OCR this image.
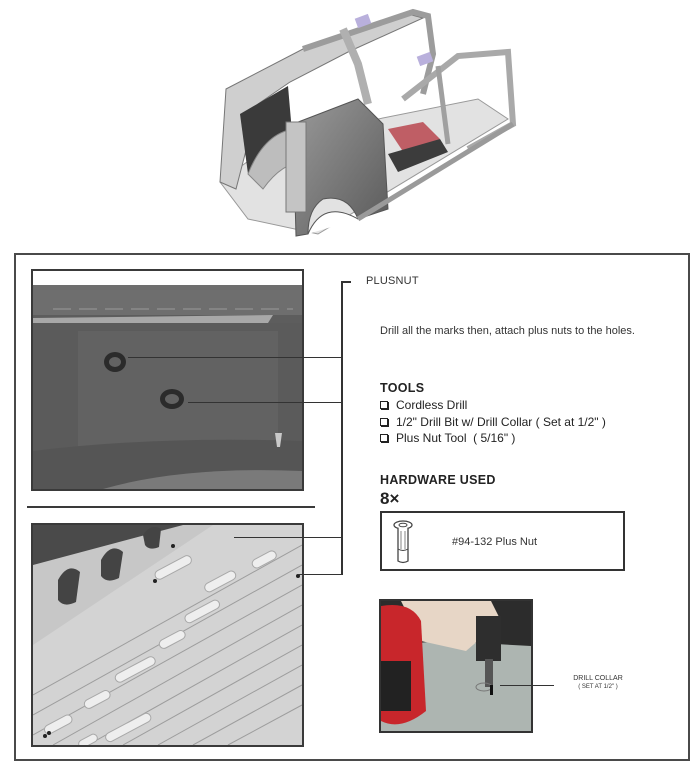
PLUSNUT
Drill all the marks then, attach plus nuts to the holes.
TOOLS
Cordless Drill
1/2" Drill Bit w/ Drill Collar ( Set at 1/2" )
Plus Nut Tool  ( 5/16" )
HARDWARE USED
8×
#94-132 Plus Nut
DRILL COLLAR
( SET AT 1/2" )
